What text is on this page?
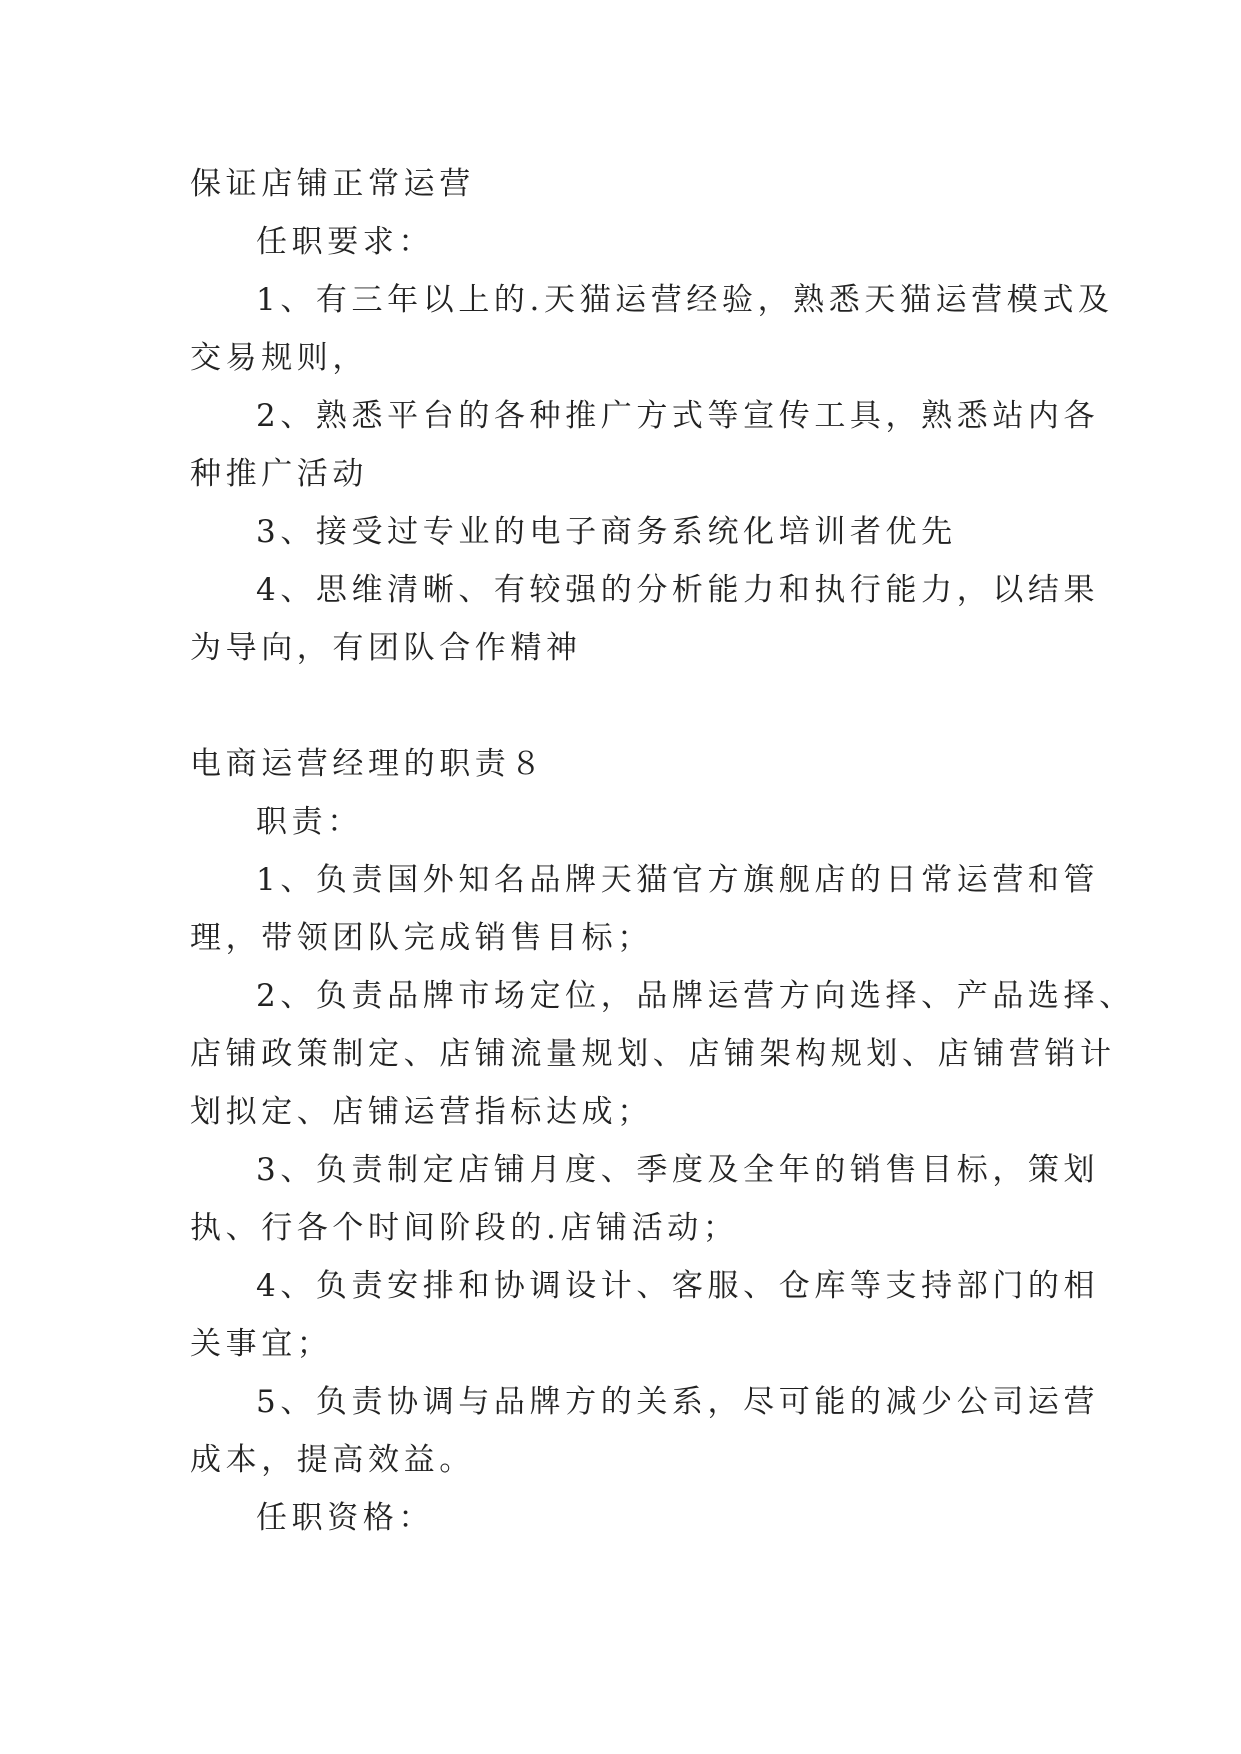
保证店铺正常运营

任职要求：

1、有三年以上的.天猫运营经验，熟悉天猫运营模式及

交易规则，

2、熟悉平台的各种推广方式等宣传工具，熟悉站内各

种推广活动

3、接受过专业的电子商务系统化培训者优先

4、思维清晰、有较强的分析能力和执行能力，以结果

为导向，有团队合作精神

电商运营经理的职责８

职责：

1、负责国外知名品牌天猫官方旗舰店的日常运营和管

理，带领团队完成销售目标；

2、负责品牌市场定位，品牌运营方向选择、产品选择、

店铺政策制定、店铺流量规划、店铺架构规划、店铺营销计

划拟定、店铺运营指标达成；

3、负责制定店铺月度、季度及全年的销售目标，策划

执、行各个时间阶段的.店铺活动；

4、负责安排和协调设计、客服、仓库等支持部门的相

关事宜；

5、负责协调与品牌方的关系，尽可能的减少公司运营

成本，提高效益。

任职资格：
